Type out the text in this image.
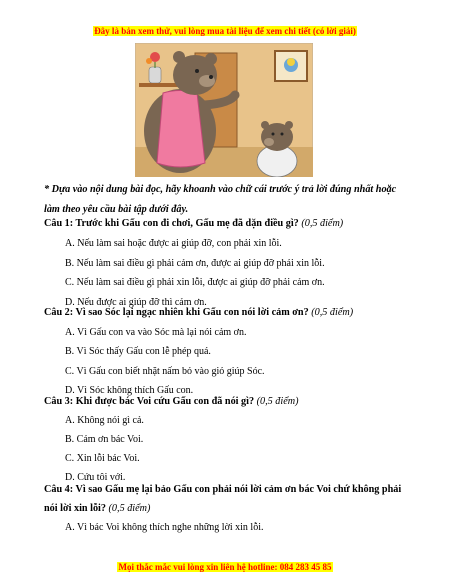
Đây là bản xem thử, vui lòng mua tài liệu để xem chi tiết (có lời giải)
* Dựa vào nội dung bài đọc, hãy khoanh vào chữ cái trước ý trả lời đúng nhất hoặc
làm theo yêu cầu bài tập dưới đây.
Câu 1: Trước khi Gấu con đi chơi, Gấu mẹ đã dặn điều gì? (0,5 điểm)
A. Nếu làm sai hoặc được ai giúp đỡ, con phải xin lỗi.
B. Nếu làm sai điều gì phải cảm ơn, được ai giúp đỡ phải xin lỗi.
C. Nếu làm sai điều gì phải xin lỗi, được ai giúp đỡ phải cảm ơn.
D. Nếu được ai giúp đỡ thì cảm ơn.
Câu 2: Vì sao Sóc lại ngạc nhiên khi Gấu con nói lời cảm ơn? (0,5 điểm)
A. Vì Gấu con va vào Sóc mà lại nói cảm ơn.
B. Vì Sóc thấy Gấu con lễ phép quá.
C. Vì Gấu con biết nhặt nấm bỏ vào giỏ giúp Sóc.
D. Vì Sóc không thích Gấu con.
Câu 3: Khi được bác Voi cứu Gấu con đã nói gì? (0,5 điểm)
A. Không nói gì cả.
B. Cảm ơn bác Voi.
C. Xin lỗi bác Voi.
D. Cứu tôi với.
Câu 4: Vì sao Gấu mẹ lại bảo Gấu con phải nói lời cảm ơn bác Voi chứ không phải
nói lời xin lỗi? (0,5 điểm)
A. Vì bác Voi không thích nghe những lời xin lỗi.
Mọi thắc mắc vui lòng xin liên hệ hotline: 084 283 45 85
